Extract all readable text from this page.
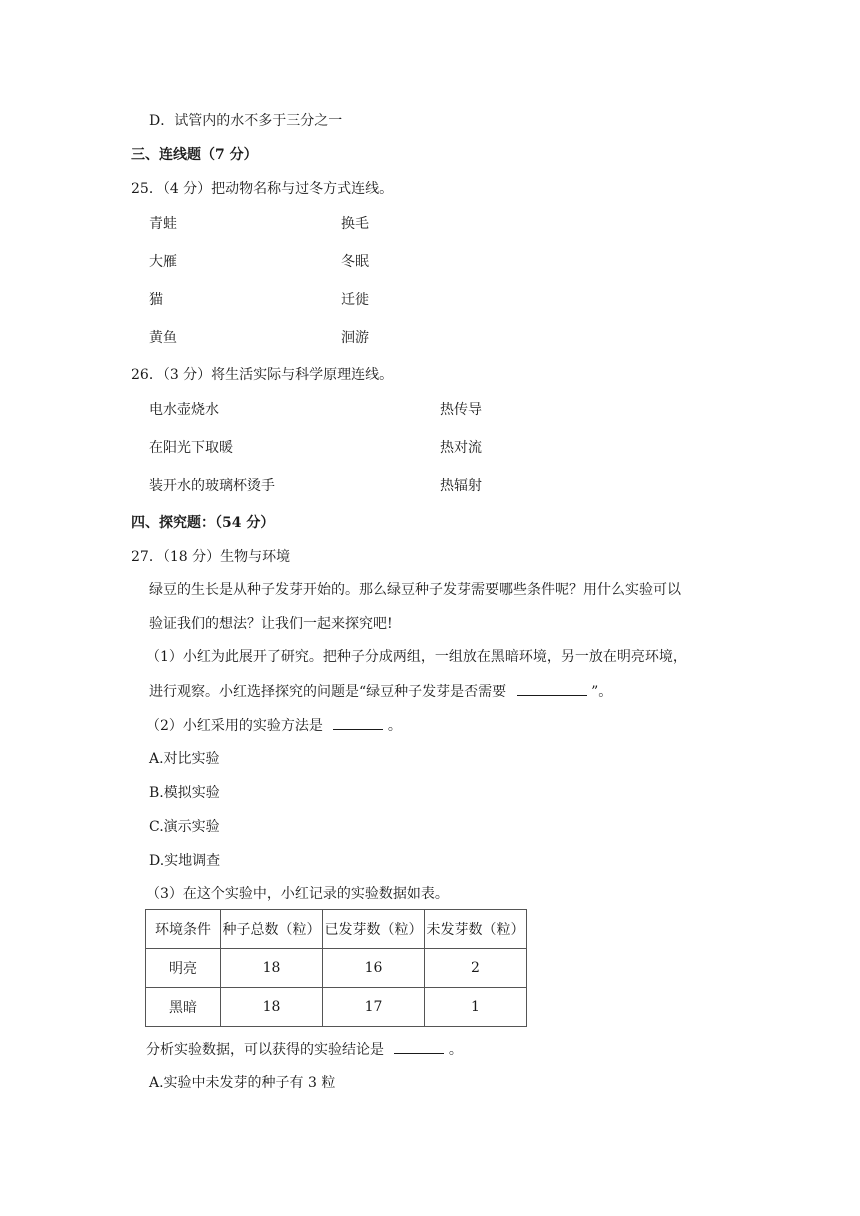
D．试管内的水不多于三分之一
三、连线题（7 分）
25．（4 分）把动物名称与过冬方式连线。
青蛙	换毛
大雁	冬眠
猫	迁徙
黄鱼	洄游
26．（3 分）将生活实际与科学原理连线。
电水壶烧水	热传导
在阳光下取暖	热对流
装开水的玻璃杯烫手	热辐射
四、探究题：（54 分）
27．（18 分）生物与环境
绿豆的生长是从种子发芽开始的。那么绿豆种子发芽需要哪些条件呢？用什么实验可以
验证我们的想法？让我们一起来探究吧!
（1）小红为此展开了研究。把种子分成两组，一组放在黑暗环境，另一放在明亮环境，
进行观察。小红选择探究的问题是“绿豆种子发芽是否需要	”。
（2）小红采用的实验方法是	。
A.对比实验
B.模拟实验
C.演示实验
D.实地调查
（3）在这个实验中，小红记录的实验数据如表。
环境条件	种子总数（粒）	已发芽数（粒）	未发芽数（粒）
明亮	18	16	2
黑暗	18	17	1
分析实验数据，可以获得的实验结论是	。
A.实验中未发芽的种子有 3 粒
